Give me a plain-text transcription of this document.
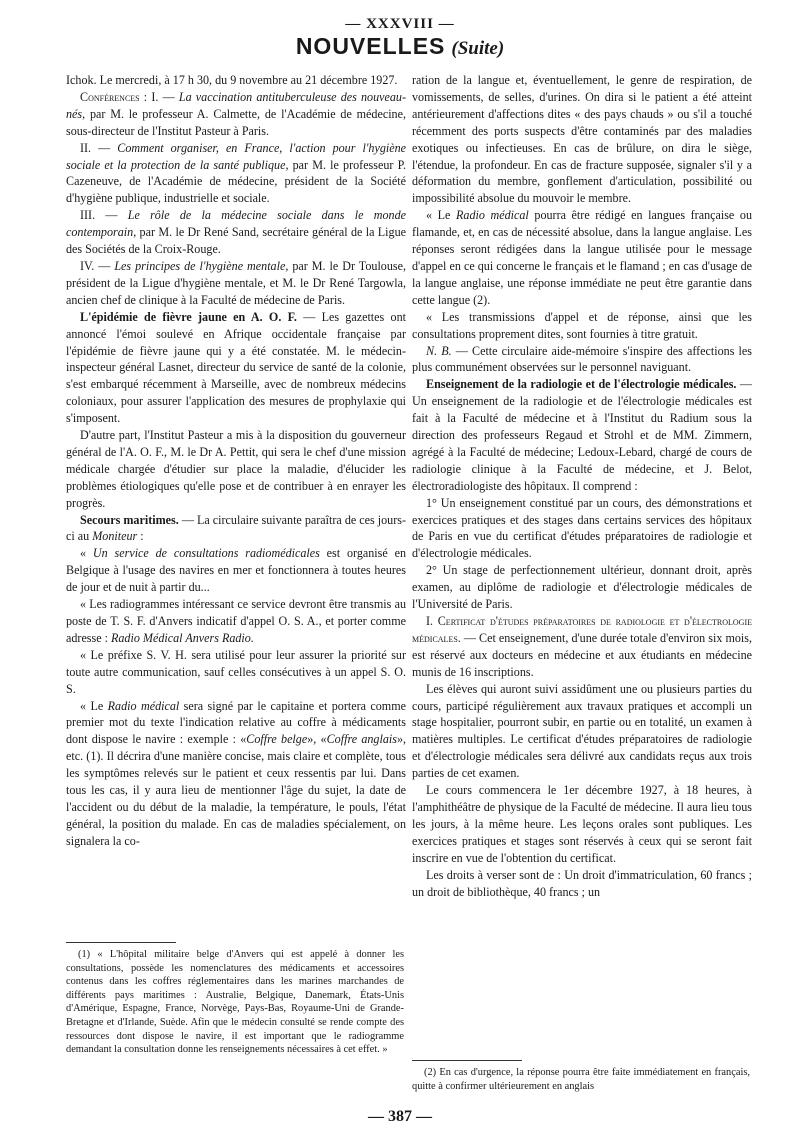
— XXXVIII —
NOUVELLES (Suite)

Ichok. Le mercredi, à 17 h 30, du 9 novembre au 21 décembre 1927.

Conférences : I. — La vaccination antituberculeuse des nouveau-nés, par M. le professeur A. Calmette, de l'Académie de médecine, sous-directeur de l'Institut Pasteur à Paris.

II. — Comment organiser, en France, l'action pour l'hygiène sociale et la protection de la santé publique, par M. le professeur P. Cazeneuve, de l'Académie de médecine, président de la Société d'hygiène publique, industrielle et sociale.

III. — Le rôle de la médecine sociale dans le monde contemporain, par M. le Dr René Sand, secrétaire général de la Ligue des Sociétés de la Croix-Rouge.

IV. — Les principes de l'hygiène mentale, par M. le Dr Toulouse, président de la Ligue d'hygiène mentale, et M. le Dr René Targowla, ancien chef de clinique à la Faculté de médecine de Paris.

L'épidémie de fièvre jaune en A. O. F. — Les gazettes ont annoncé l'émoi soulevé en Afrique occidentale française par l'épidémie de fièvre jaune qui y a été constatée. M. le médecin-inspecteur général Lasnet, directeur du service de santé de la colonie, s'est embarqué récemment à Marseille, avec de nombreux médecins coloniaux, pour assurer l'application des mesures de prophylaxie qui s'imposent.

D'autre part, l'Institut Pasteur a mis à la disposition du gouverneur général de l'A. O. F., M. le Dr A. Pettit, qui sera le chef d'une mission médicale chargée d'étudier sur place la maladie, d'élucider les problèmes étiologiques qu'elle pose et de contribuer à en enrayer les progrès.

Secours maritimes. — La circulaire suivante paraîtra de ces jours-ci au Moniteur :

« Un service de consultations radiomédicales est organisé en Belgique à l'usage des navires en mer et fonctionnera à toutes heures de jour et de nuit à partir du...

« Les radiogrammes intéressant ce service devront être transmis au poste de T. S. F. d'Anvers indicatif d'appel O. S. A., et porter comme adresse : Radio Médical Anvers Radio.

« Le préfixe S. V. H. sera utilisé pour leur assurer la priorité sur toute autre communication, sauf celles consécutives à un appel S. O. S.

« Le Radio médical sera signé par le capitaine et portera comme premier mot du texte l'indication relative au coffre à médicaments dont dispose le navire : exemple : «Coffre belge», «Coffre anglais», etc. (1). Il décrira d'une manière concise, mais claire et complète, tous les symptômes relevés sur le patient et ceux ressentis par lui. Dans tous les cas, il y aura lieu de mentionner l'âge du sujet, la date de l'accident ou du début de la maladie, la température, le pouls, l'état général, la position du malade. En cas de maladies spécialement, on signalera la co-

(1) « L'hôpital militaire belge d'Anvers qui est appelé à donner les consultations, possède les nomenclatures des médicaments et accessoires contenus dans les coffres réglementaires dans les marines marchandes de différents pays maritimes : Australie, Belgique, Danemark, États-Unis d'Amérique, Espagne, France, Norvège, Pays-Bas, Royaume-Uni de Grande-Bretagne et d'Irlande, Suède. Afin que le médecin consulté se rende compte des ressources dont dispose le navire, il est important que le radiogramme demandant la consultation donne les renseignements nécessaires à cet effet. »

ration de la langue et, éventuellement, le genre de respiration, de vomissements, de selles, d'urines. On dira si le patient a été atteint antérieurement d'affections dites « des pays chauds » ou s'il a touché récemment des ports suspects d'être contaminés par des maladies exotiques ou infectieuses. En cas de brûlure, on dira le siège, l'étendue, la profondeur. En cas de fracture supposée, signaler s'il y a déformation du membre, gonflement d'articulation, possibilité ou impossibilité absolue du mouvoir le membre.

« Le Radio médical pourra être rédigé en langues française ou flamande, et, en cas de nécessité absolue, dans la langue anglaise. Les réponses seront rédigées dans la langue utilisée pour le message d'appel en ce qui concerne le français et le flamand ; en cas d'usage de la langue anglaise, une réponse immédiate ne peut être garantie dans cette langue (2).

« Les transmissions d'appel et de réponse, ainsi que les consultations proprement dites, sont fournies à titre gratuit.

N. B. — Cette circulaire aide-mémoire s'inspire des affections les plus communément observées sur le personnel naviguant.

Enseignement de la radiologie et de l'électrologie médicales. — Un enseignement de la radiologie et de l'électrologie médicales est fait à la Faculté de médecine et à l'Institut du Radium sous la direction des professeurs Regaud et Strohl et de MM. Zimmern, agrégé à la Faculté de médecine; Ledoux-Lebard, chargé de cours de radiologie clinique à la Faculté de médecine, et J. Belot, électroradiologiste des hôpitaux. Il comprend :

1° Un enseignement constitué par un cours, des démonstrations et exercices pratiques et des stages dans certains services des hôpitaux de Paris en vue du certificat d'études préparatoires de radiologie et d'électrologie médicales.

2° Un stage de perfectionnement ultérieur, donnant droit, après examen, au diplôme de radiologie et d'électrologie médicales de l'Université de Paris.

I. Certificat d'études préparatoires de radiologie et d'électrologie médicales. — Cet enseignement, d'une durée totale d'environ six mois, est réservé aux docteurs en médecine et aux étudiants en médecine munis de 16 inscriptions.

Les élèves qui auront suivi assidûment une ou plusieurs parties du cours, participé régulièrement aux travaux pratiques et accompli un stage hospitalier, pourront subir, en partie ou en totalité, un examen à matières multiples. Le certificat d'études préparatoires de radiologie et d'électrologie médicales sera délivré aux candidats reçus aux trois parties de cet examen.

Le cours commencera le 1er décembre 1927, à 18 heures, à l'amphithéâtre de physique de la Faculté de médecine. Il aura lieu tous les jours, à la même heure. Les leçons orales sont publiques. Les exercices pratiques et stages sont réservés à ceux qui se seront fait inscrire en vue de l'obtention du certificat.

Les droits à verser sont de : Un droit d'immatriculation, 60 francs ; un droit de bibliothèque, 40 francs ; un

(2) En cas d'urgence, la réponse pourra être faite immédiatement en français, quitte à confirmer ultérieurement en anglais

— 387 —
